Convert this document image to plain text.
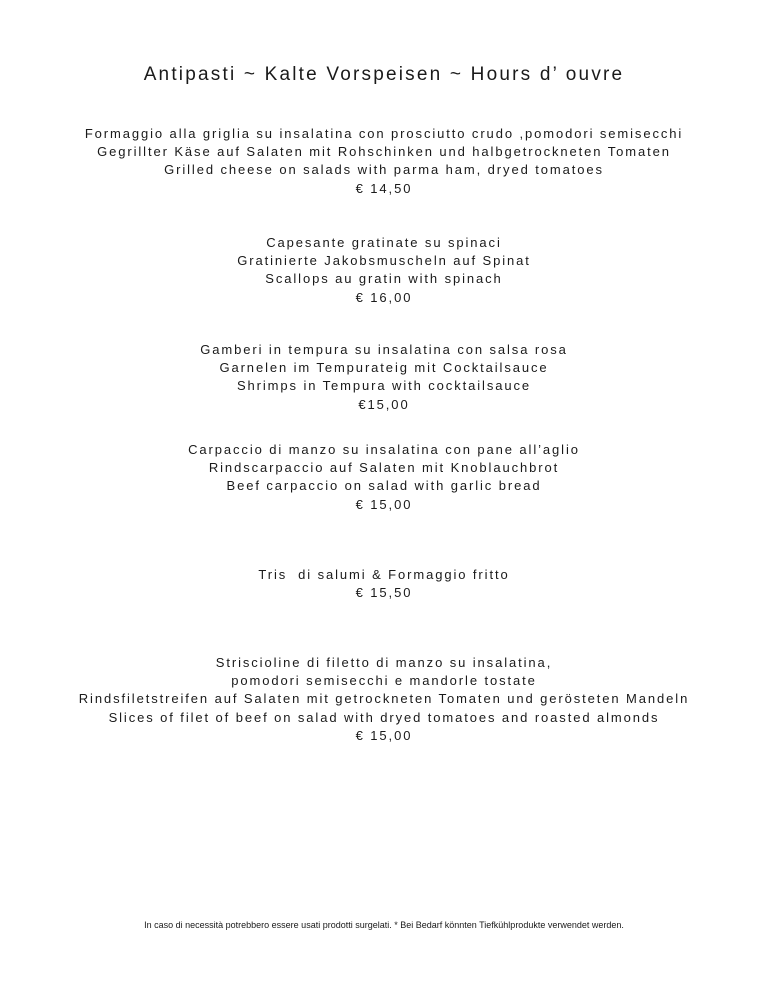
Antipasti ~ Kalte Vorspeisen ~ Hours d’ ouvre
Formaggio alla griglia su insalatina con prosciutto crudo ,pomodori semisecchi
Gegrillter Käse auf Salaten mit Rohschinken und halbgetrockneten Tomaten
Grilled cheese on salads with parma ham, dryed tomatoes
€ 14,50
Capesante gratinate su spinaci
Gratinierte Jakobsmuscheln auf Spinat
Scallops au gratin with spinach
€ 16,00
Gamberi in tempura su insalatina con salsa rosa
Garnelen im Tempurateig mit Cocktailsauce
Shrimps in Tempura with cocktailsauce
€15,00
Carpaccio di manzo su insalatina con pane all’aglio
Rindscarpaccio auf Salaten mit Knoblauchbrot
Beef carpaccio on salad with garlic bread
€ 15,00
Tris  di salumi & Formaggio fritto
€ 15,50
Striscioline di filetto di manzo su insalatina,
pomodori semisecchi e mandorle tostate
Rindsfiletstreifen auf Salaten mit getrockneten Tomaten und gerösteten Mandeln
Slices of filet of beef on salad with dryed tomatoes and roasted almonds
€ 15,00
In caso di necessità potrebbero essere usati prodotti surgelati. * Bei Bedarf könnten Tiefkühlprodukte verwendet werden.
